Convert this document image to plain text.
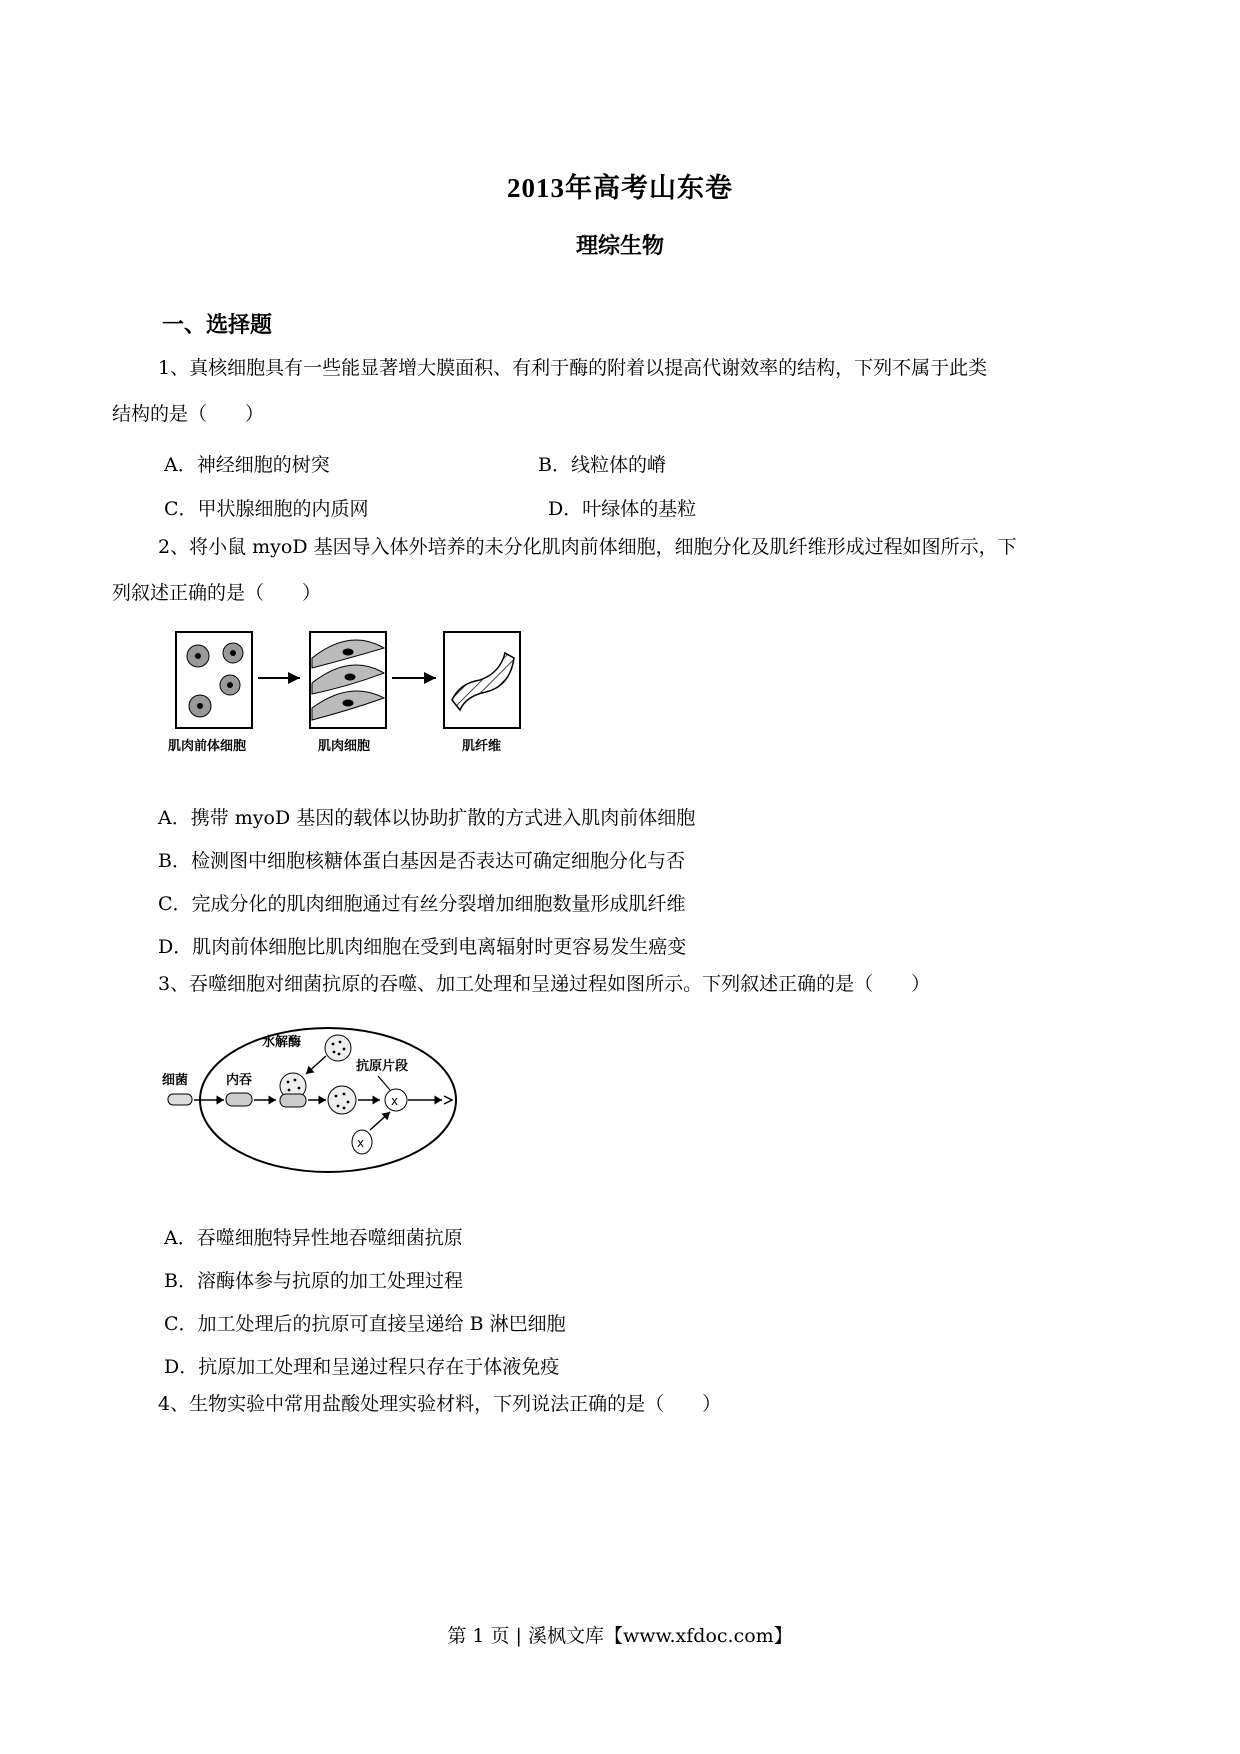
2013年高考山东卷
理综生物
一、选择题
1、真核细胞具有一些能显著增大膜面积、有利于酶的附着以提高代谢效率的结构，下列不属于此类
结构的是（　　）
A．神经细胞的树突	B．线粒体的嵴
C．甲状腺细胞的内质网	D．叶绿体的基粒
2、将小鼠 myoD 基因导入体外培养的未分化肌肉前体细胞，细胞分化及肌纤维形成过程如图所示，下
列叙述正确的是（　　）
肌肉前体细胞	肌肉细胞	肌纤维
A．携带 myoD 基因的载体以协助扩散的方式进入肌肉前体细胞
B．检测图中细胞核糖体蛋白基因是否表达可确定细胞分化与否
C．完成分化的肌肉细胞通过有丝分裂增加细胞数量形成肌纤维
D．肌肉前体细胞比肌肉细胞在受到电离辐射时更容易发生癌变
3、吞噬细胞对细菌抗原的吞噬、加工处理和呈递过程如图所示。下列叙述正确的是（　　）
细菌	内吞
水解酶
抗原片段
x
x
A．吞噬细胞特异性地吞噬细菌抗原
B．溶酶体参与抗原的加工处理过程
C．加工处理后的抗原可直接呈递给 B 淋巴细胞
D．抗原加工处理和呈递过程只存在于体液免疫
4、生物实验中常用盐酸处理实验材料，下列说法正确的是（　　）
第 1 页 | 溪枫文库【www.xfdoc.com】
